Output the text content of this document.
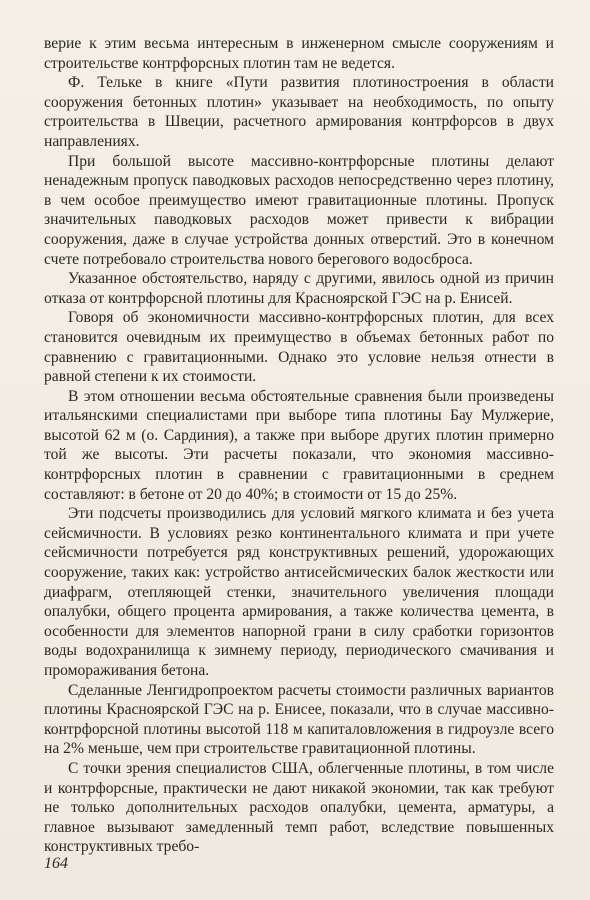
верие к этим весьма интересным в инженерном смысле сооружениям и строительстве контрфорсных плотин там не ведется.

Ф. Тельке в книге «Пути развития плотиностроения в области сооружения бетонных плотин» указывает на необходимость, по опыту строительства в Швеции, расчетного армирования контрфорсов в двух направлениях.

При большой высоте массивно-контрфорсные плотины делают ненадежным пропуск паводковых расходов непосредственно через плотину, в чем особое преимущество имеют гравитационные плотины. Пропуск значительных паводковых расходов может привести к вибрации сооружения, даже в случае устройства донных отверстий. Это в конечном счете потребовало строительства нового берегового водосброса.

Указанное обстоятельство, наряду с другими, явилось одной из причин отказа от контрфорсной плотины для Красноярской ГЭС на р. Енисей.

Говоря об экономичности массивно-контрфорсных плотин, для всех становится очевидным их преимущество в объемах бетонных работ по сравнению с гравитационными. Однако это условие нельзя отнести в равной степени к их стоимости.

В этом отношении весьма обстоятельные сравнения были произведены итальянскими специалистами при выборе типа плотины Бау Мулжерие, высотой 62 м (о. Сардиния), а также при выборе других плотин примерно той же высоты. Эти расчеты показали, что экономия массивно-контрфорсных плотин в сравнении с гравитационными в среднем составляют: в бетоне от 20 до 40%; в стоимости от 15 до 25%.

Эти подсчеты производились для условий мягкого климата и без учета сейсмичности. В условиях резко континентального климата и при учете сейсмичности потребуется ряд конструктивных решений, удорожающих сооружение, таких как: устройство антисейсмических балок жесткости или диафрагм, отепляющей стенки, значительного увеличения площади опалубки, общего процента армирования, а также количества цемента, в особенности для элементов напорной грани в силу сработки горизонтов воды водохранилища к зимнему периоду, периодического смачивания и промораживания бетона.

Сделанные Ленгидропроектом расчеты стоимости различных вариантов плотины Красноярской ГЭС на р. Енисее, показали, что в случае массивно-контрфорсной плотины высотой 118 м капиталовложения в гидроузле всего на 2% меньше, чем при строительстве гравитационной плотины.

С точки зрения специалистов США, облегченные плотины, в том числе и контрфорсные, практически не дают никакой экономии, так как требуют не только дополнительных расходов опалубки, цемента, арматуры, а главное вызывают замедленный темп работ, вследствие повышенных конструктивных требо-

164
